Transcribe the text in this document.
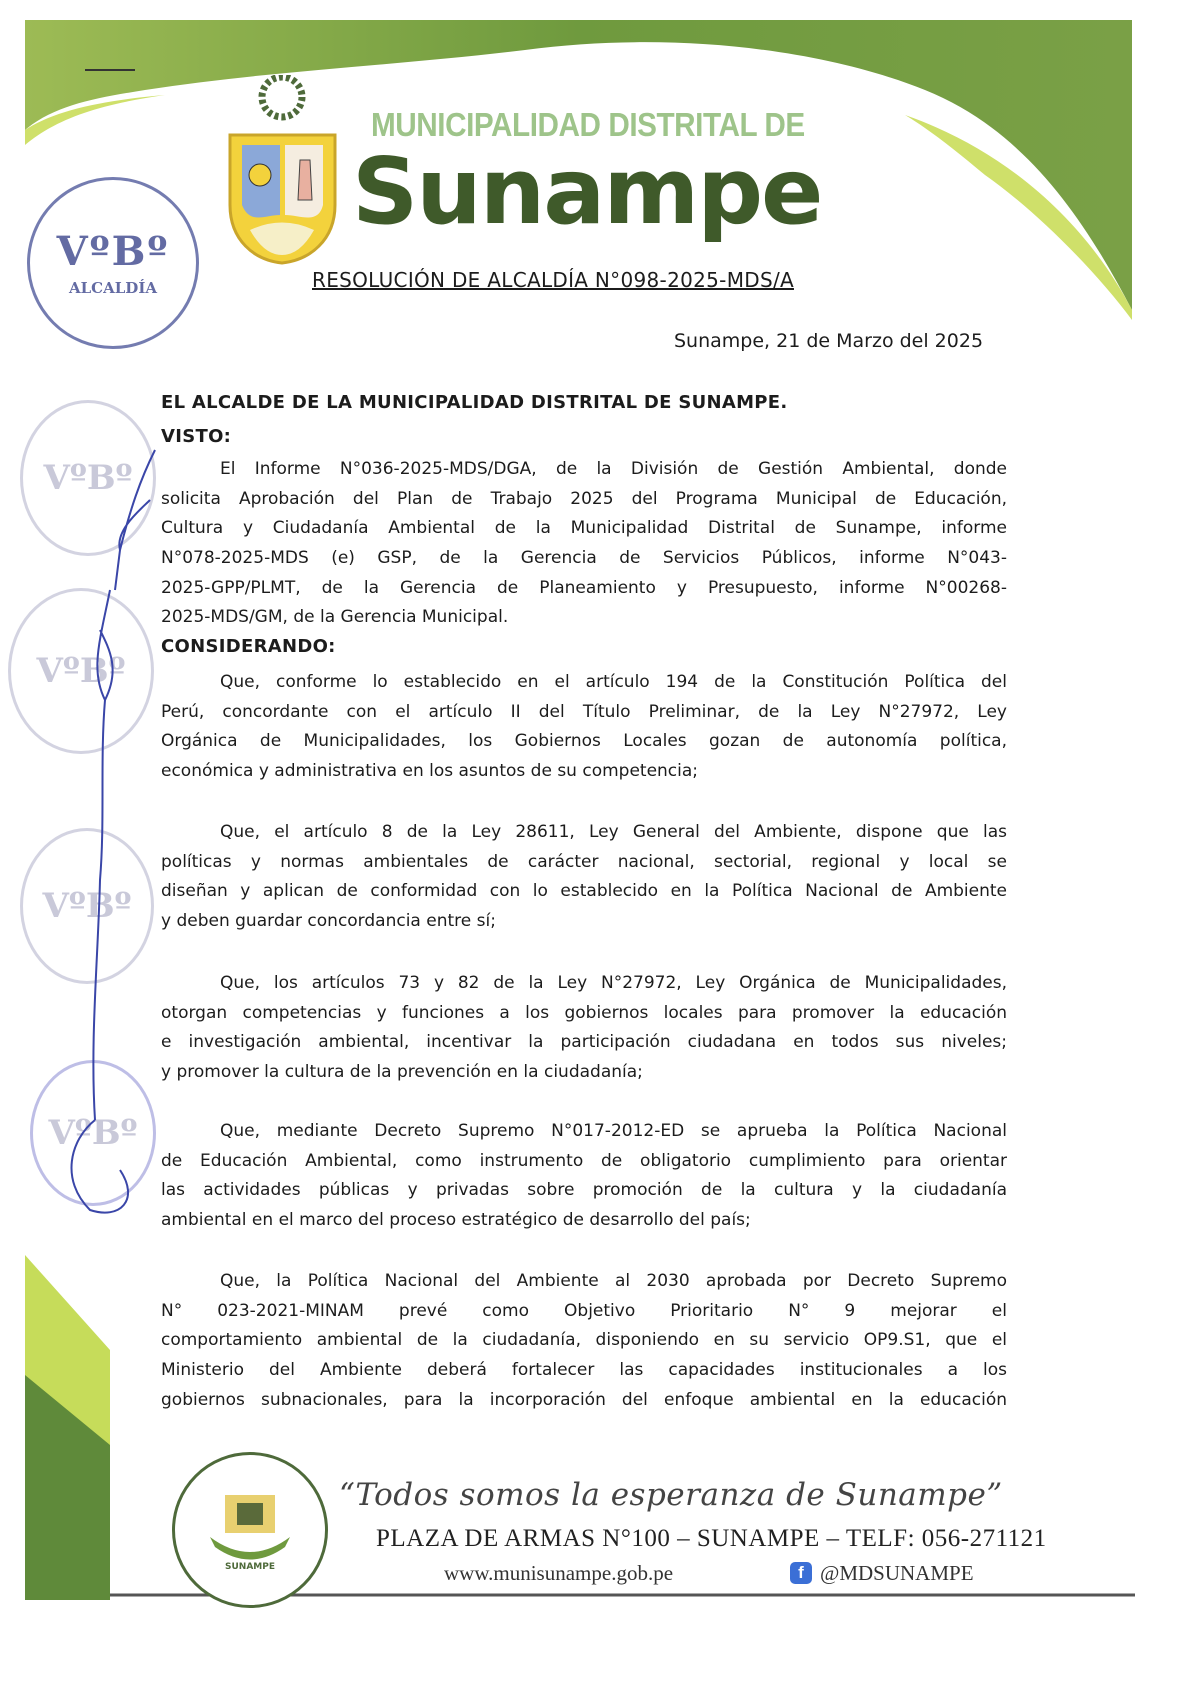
MUNICIPALIDAD DISTRITAL DE
Sunampe
VºBº
ALCALDÍA
VºBº
VºBº
VºBº
VºBº
RESOLUCIÓN DE ALCALDÍA N°098-2025-MDS/A
Sunampe, 21 de Marzo del 2025
EL ALCALDE DE LA MUNICIPALIDAD DISTRITAL DE SUNAMPE.
VISTO:
El Informe N°036-2025-MDS/DGA, de la División de Gestión Ambiental, donde
solicita Aprobación del Plan de Trabajo 2025 del Programa Municipal de Educación,
Cultura y Ciudadanía Ambiental de la Municipalidad Distrital de Sunampe, informe
N°078-2025-MDS (e) GSP, de la Gerencia de Servicios Públicos, informe N°043-
2025-GPP/PLMT, de la Gerencia de Planeamiento y Presupuesto, informe N°00268-
2025-MDS/GM, de la Gerencia Municipal.
CONSIDERANDO:
Que, conforme lo establecido en el artículo 194 de la Constitución Política del
Perú, concordante con el artículo II del Título Preliminar, de la Ley N°27972, Ley
Orgánica de Municipalidades, los Gobiernos Locales gozan de autonomía política,
económica y administrativa en los asuntos de su competencia;
Que, el artículo 8 de la Ley 28611, Ley General del Ambiente, dispone que las
políticas y normas ambientales de carácter nacional, sectorial, regional y local se
diseñan y aplican de conformidad con lo establecido en la Política Nacional de Ambiente
y deben guardar concordancia entre sí;
Que, los artículos 73 y 82 de la Ley N°27972, Ley Orgánica de Municipalidades,
otorgan competencias y funciones a los gobiernos locales para promover la educación
e investigación ambiental, incentivar la participación ciudadana en todos sus niveles;
y promover la cultura de la prevención en la ciudadanía;
Que, mediante Decreto Supremo N°017-2012-ED se aprueba la Política Nacional
de Educación Ambiental, como instrumento de obligatorio cumplimiento para orientar
las actividades públicas y privadas sobre promoción de la cultura y la ciudadanía
ambiental en el marco del proceso estratégico de desarrollo del país;
Que, la Política Nacional del Ambiente al 2030 aprobada por Decreto Supremo
N° 023-2021-MINAM prevé como Objetivo Prioritario N° 9 mejorar el
comportamiento ambiental de la ciudadanía, disponiendo en su servicio OP9.S1, que el
Ministerio del Ambiente deberá fortalecer las capacidades institucionales a los
gobiernos subnacionales, para la incorporación del enfoque ambiental en la educación
SUNAMPE
“Todos somos la esperanza de Sunampe”
PLAZA DE ARMAS N°100 – SUNAMPE – TELF: 056-271121
www.munisunampe.gob.pe	f @MDSUNAMPE
